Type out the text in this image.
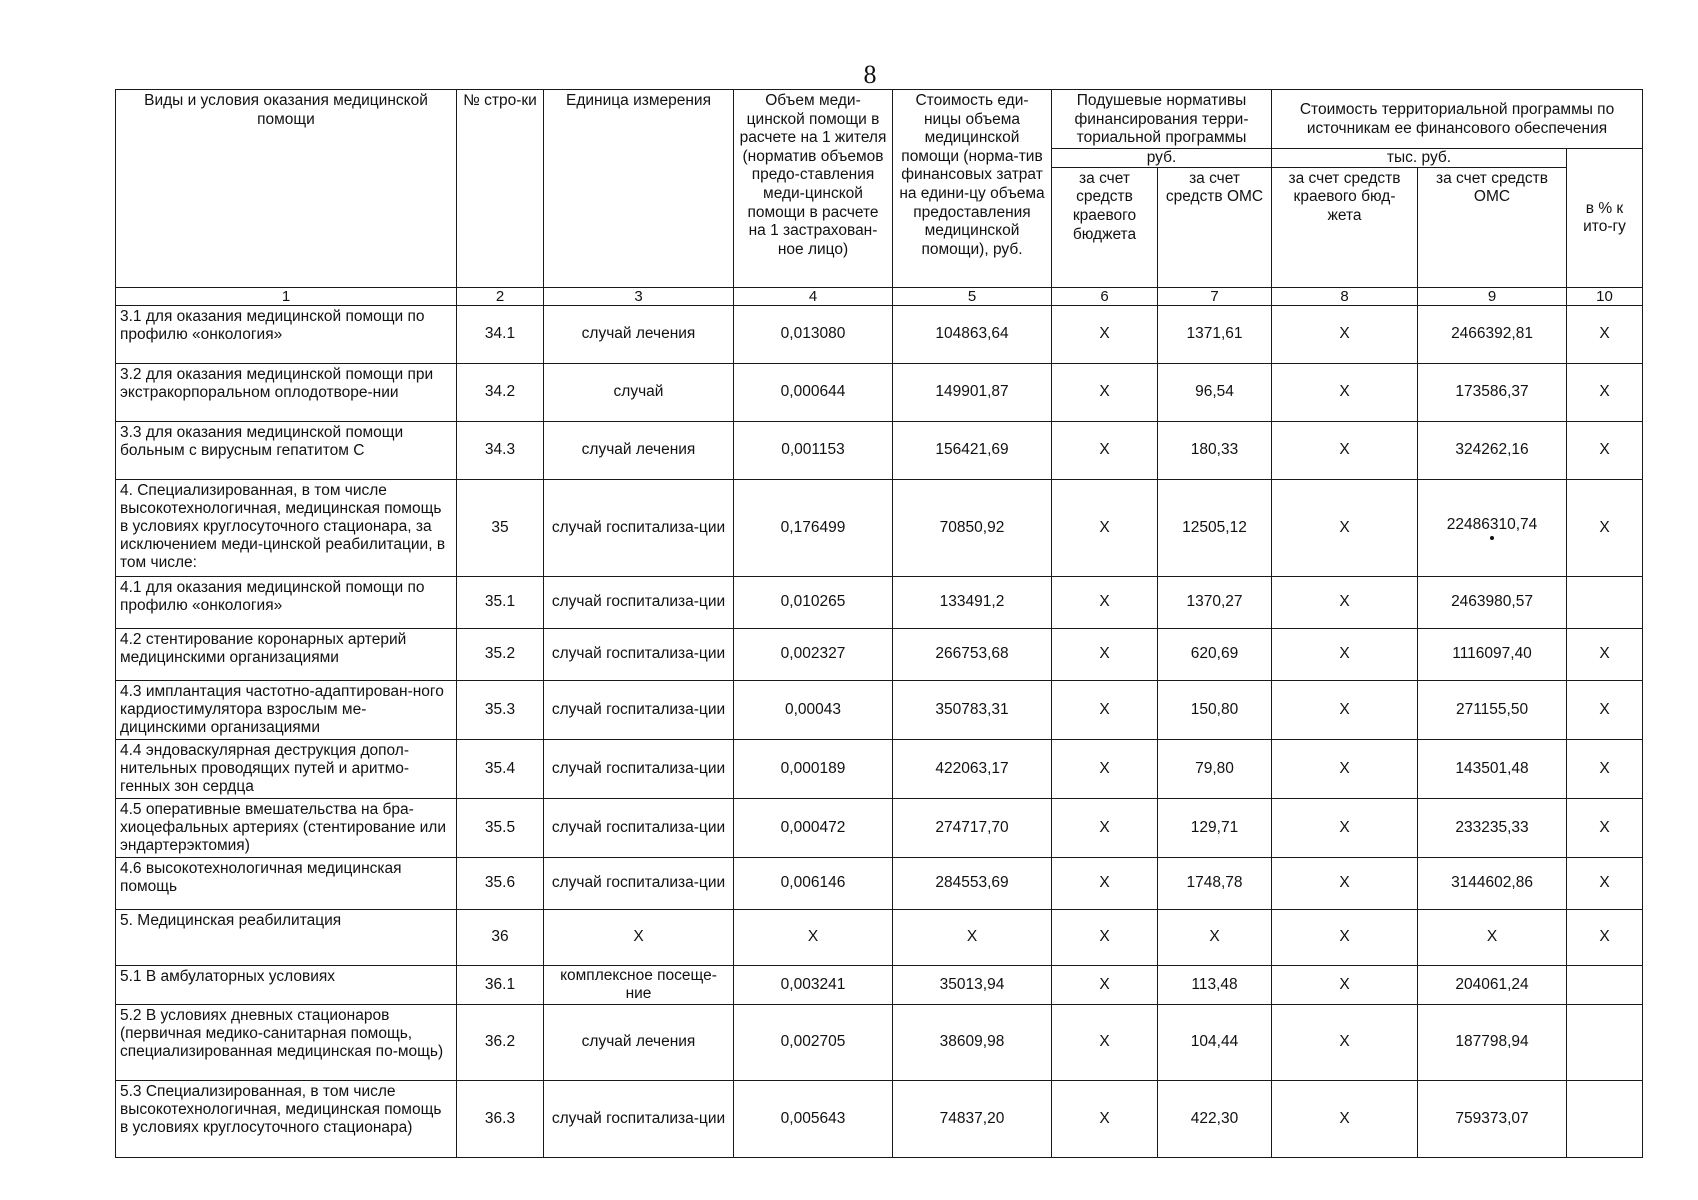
8
Виды и условия оказания медицинской помощи	№ стро-ки	Единица измерения	Объем меди-цинской помощи в расчете на 1 жителя (норматив объемов предо-ставления меди-цинской помощи в расчете на 1 застрахован-ное лицо)	Стоимость еди-ницы объема медицинской помощи (норма-тив финансовых затрат на едини-цу объема предоставления медицинской помощи), руб.	Подушевые нормативы финансирования терри-ториальной программы		Стоимость территориальной программы по источникам ее финансового обеспечения		
					руб.		тыс. руб.		в % к ито-гу
					за счет средств краевого бюджета	за счет средств ОМС	за счет средств краевого бюд-жета	за счет средств ОМС	
1	2	3	4	5	6	7	8	9	10
3.1 для оказания медицинской помощи по профилю «онкология»	34.1	случай лечения	0,013080	104863,64	X	1371,61	X	2466392,81	X
3.2 для оказания медицинской помощи при экстракорпоральном оплодотворе-нии	34.2	случай	0,000644	149901,87	X	96,54	X	173586,37	X
3.3 для оказания медицинской помощи больным с вирусным гепатитом С	34.3	случай лечения	0,001153	156421,69	X	180,33	X	324262,16	X
4. Специализированная, в том числе высокотехнологичная, медицинская помощь в условиях круглосуточного стационара, за исключением меди-цинской реабилитации, в том числе:	35	случай госпитализа-ции	0,176499	70850,92	X	12505,12	X	22486310,74	X
4.1 для оказания медицинской помощи по профилю «онкология»	35.1	случай госпитализа-ции	0,010265	133491,2	X	1370,27	X	2463980,57	
4.2 стентирование коронарных артерий медицинскими организациями	35.2	случай госпитализа-ции	0,002327	266753,68	X	620,69	X	1116097,40	X
4.3 имплантация частотно-адаптирован-ного кардиостимулятора взрослым ме-дицинскими организациями	35.3	случай госпитализа-ции	0,00043	350783,31	X	150,80	X	271155,50	X
4.4 эндоваскулярная деструкция допол-нительных проводящих путей и аритмо-генных зон сердца	35.4	случай госпитализа-ции	0,000189	422063,17	X	79,80	X	143501,48	X
4.5 оперативные вмешательства на бра-хиоцефальных артериях (стентирование или эндартерэктомия)	35.5	случай госпитализа-ции	0,000472	274717,70	X	129,71	X	233235,33	X
4.6 высокотехнологичная медицинская помощь	35.6	случай госпитализа-ции	0,006146	284553,69	X	1748,78	X	3144602,86	X
5. Медицинская реабилитация	36	X	X	X	X	X	X	X	X
5.1 В амбулаторных условиях	36.1	комплексное посеще-ние	0,003241	35013,94	X	113,48	X	204061,24	
5.2 В условиях дневных стационаров (первичная медико-санитарная помощь, специализированная медицинская по-мощь)	36.2	случай лечения	0,002705	38609,98	X	104,44	X	187798,94	
5.3 Специализированная, в том числе высокотехнологичная, медицинская помощь в условиях круглосуточного стационара)	36.3	случай госпитализа-ции	0,005643	74837,20	X	422,30	X	759373,07	
